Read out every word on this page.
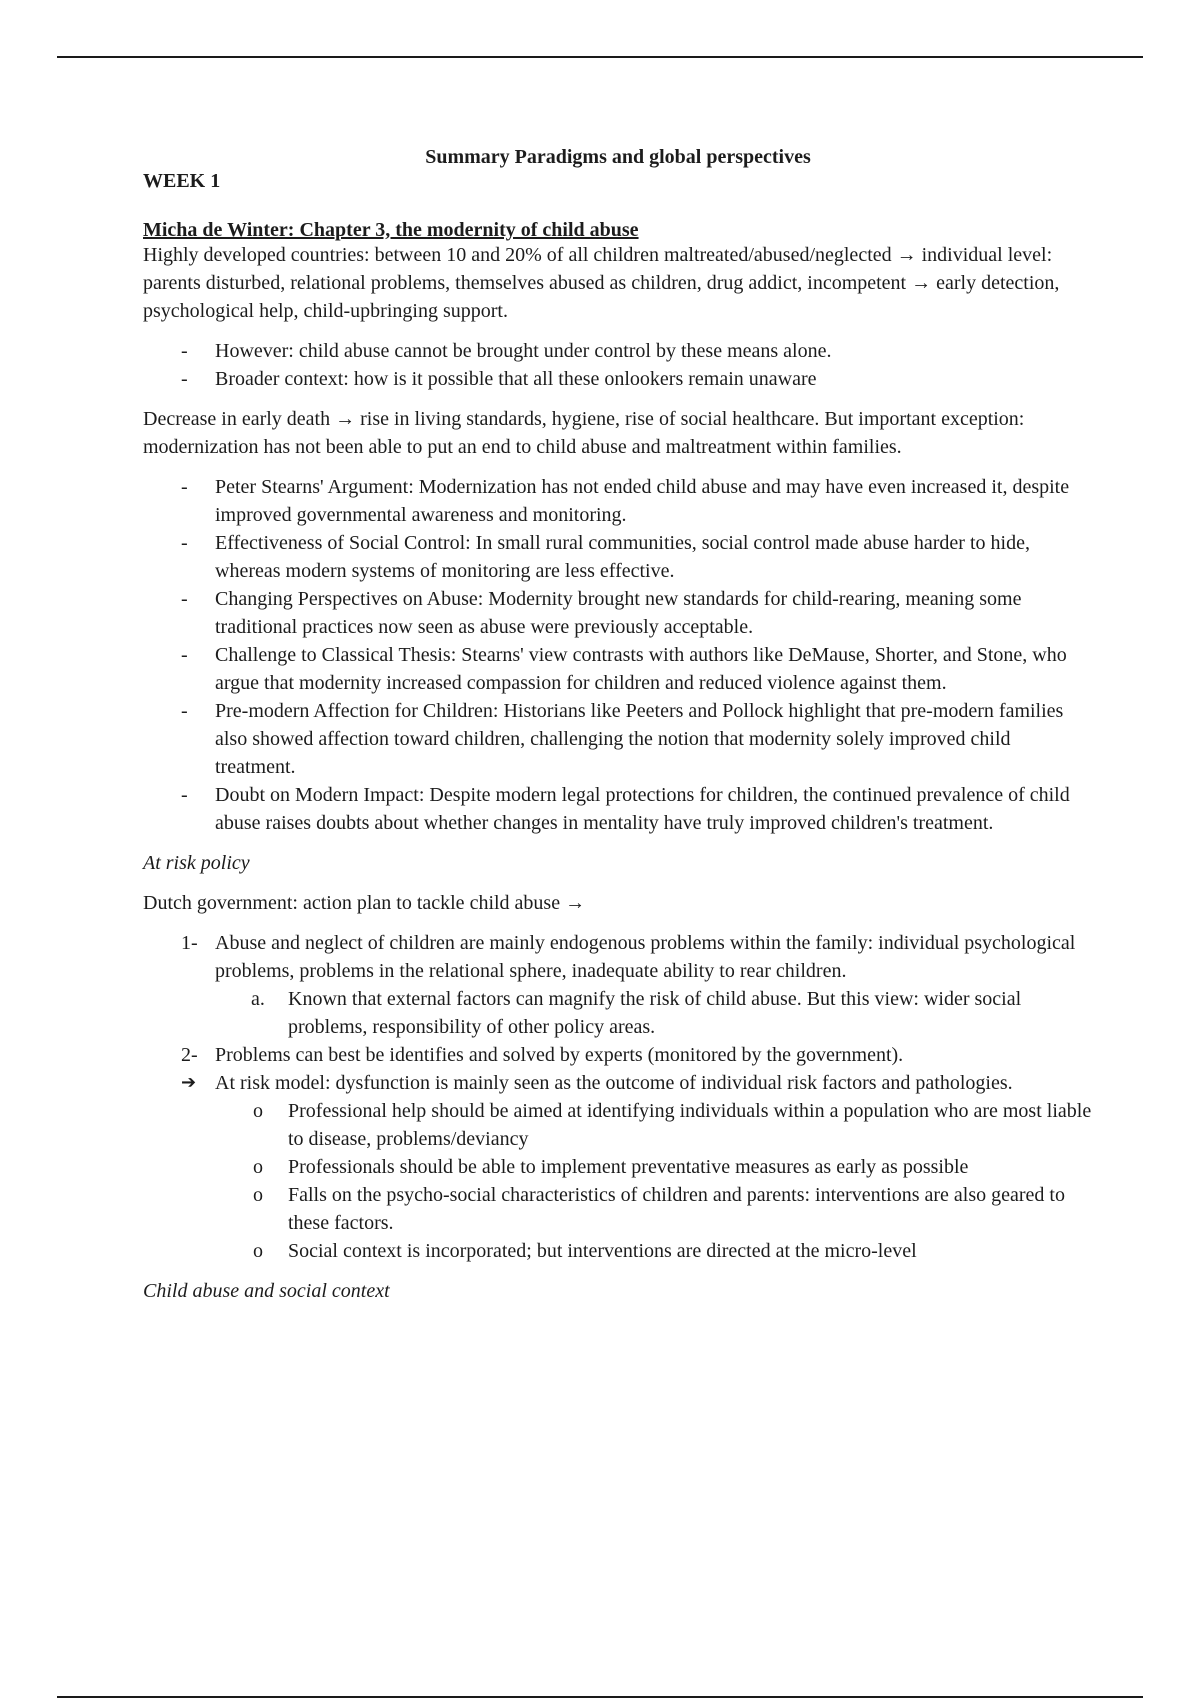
Summary Paradigms and global perspectives
WEEK 1
Micha de Winter: Chapter 3, the modernity of child abuse

Highly developed countries: between 10 and 20% of all children maltreated/abused/neglected → individual level: parents disturbed, relational problems, themselves abused as children, drug addict, incompetent → early detection, psychological help, child-upbringing support.

- However: child abuse cannot be brought under control by these means alone.
- Broader context: how is it possible that all these onlookers remain unaware

Decrease in early death → rise in living standards, hygiene, rise of social healthcare. But important exception: modernization has not been able to put an end to child abuse and maltreatment within families.

- Peter Stearns' Argument: Modernization has not ended child abuse and may have even increased it, despite improved governmental awareness and monitoring.
- Effectiveness of Social Control: In small rural communities, social control made abuse harder to hide, whereas modern systems of monitoring are less effective.
- Changing Perspectives on Abuse: Modernity brought new standards for child-rearing, meaning some traditional practices now seen as abuse were previously acceptable.
- Challenge to Classical Thesis: Stearns' view contrasts with authors like DeMause, Shorter, and Stone, who argue that modernity increased compassion for children and reduced violence against them.
- Pre-modern Affection for Children: Historians like Peeters and Pollock highlight that pre-modern families also showed affection toward children, challenging the notion that modernity solely improved child treatment.
- Doubt on Modern Impact: Despite modern legal protections for children, the continued prevalence of child abuse raises doubts about whether changes in mentality have truly improved children's treatment.

At risk policy

Dutch government: action plan to tackle child abuse →

1- Abuse and neglect of children are mainly endogenous problems within the family: individual psychological problems, problems in the relational sphere, inadequate ability to rear children.
a. Known that external factors can magnify the risk of child abuse. But this view: wider social problems, responsibility of other policy areas.
2- Problems can best be identifies and solved by experts (monitored by the government).
➔ At risk model: dysfunction is mainly seen as the outcome of individual risk factors and pathologies.
o Professional help should be aimed at identifying individuals within a population who are most liable to disease, problems/deviancy
o Professionals should be able to implement preventative measures as early as possible
o Falls on the psycho-social characteristics of children and parents: interventions are also geared to these factors.
o Social context is incorporated; but interventions are directed at the micro-level

Child abuse and social context
